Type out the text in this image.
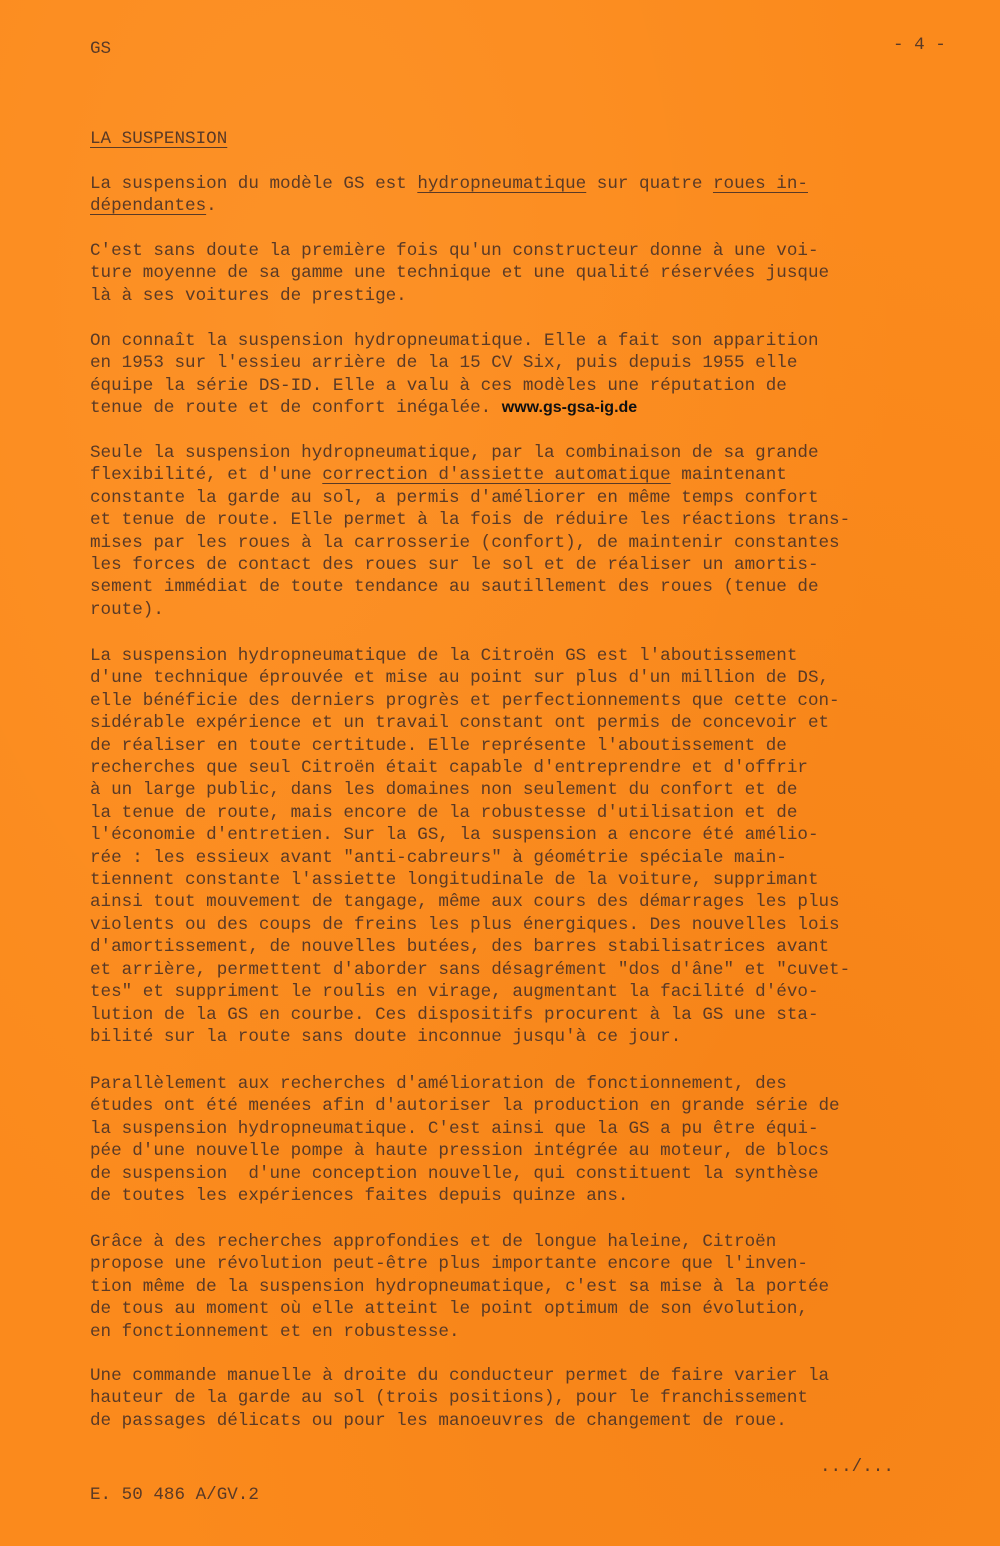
GS	- 4 -
LA SUSPENSION
La suspension du modèle GS est hydropneumatique sur quatre roues in-
dépendantes.
C'est sans doute la première fois qu'un constructeur donne à une voi-
ture moyenne de sa gamme une technique et une qualité réservées jusque
là à ses voitures de prestige.
On connaît la suspension hydropneumatique. Elle a fait son apparition
en 1953 sur l'essieu arrière de la 15 CV Six, puis depuis 1955 elle
équipe la série DS-ID. Elle a valu à ces modèles une réputation de
tenue de route et de confort inégalée. www.gs-gsa-ig.de
Seule la suspension hydropneumatique, par la combinaison de sa grande
flexibilité, et d'une correction d'assiette automatique maintenant
constante la garde au sol, a permis d'améliorer en même temps confort
et tenue de route. Elle permet à la fois de réduire les réactions trans-
mises par les roues à la carrosserie (confort), de maintenir constantes
les forces de contact des roues sur le sol et de réaliser un amortis-
sement immédiat de toute tendance au sautillement des roues (tenue de
route).
La suspension hydropneumatique de la Citroën GS est l'aboutissement
d'une technique éprouvée et mise au point sur plus d'un million de DS,
elle bénéficie des derniers progrès et perfectionnements que cette con-
sidérable expérience et un travail constant ont permis de concevoir et
de réaliser en toute certitude. Elle représente l'aboutissement de
recherches que seul Citroën était capable d'entreprendre et d'offrir
à un large public, dans les domaines non seulement du confort et de
la tenue de route, mais encore de la robustesse d'utilisation et de
l'économie d'entretien. Sur la GS, la suspension a encore été amélio-
rée : les essieux avant "anti-cabreurs" à géométrie spéciale main-
tiennent constante l'assiette longitudinale de la voiture, supprimant
ainsi tout mouvement de tangage, même aux cours des démarrages les plus
violents ou des coups de freins les plus énergiques. Des nouvelles lois
d'amortissement, de nouvelles butées, des barres stabilisatrices avant
et arrière, permettent d'aborder sans désagrément "dos d'âne" et "cuvet-
tes" et suppriment le roulis en virage, augmentant la facilité d'évo-
lution de la GS en courbe. Ces dispositifs procurent à la GS une sta-
bilité sur la route sans doute inconnue jusqu'à ce jour.
Parallèlement aux recherches d'amélioration de fonctionnement, des
études ont été menées afin d'autoriser la production en grande série de
la suspension hydropneumatique. C'est ainsi que la GS a pu être équi-
pée d'une nouvelle pompe à haute pression intégrée au moteur, de blocs
de suspension  d'une conception nouvelle, qui constituent la synthèse
de toutes les expériences faites depuis quinze ans.
Grâce à des recherches approfondies et de longue haleine, Citroën
propose une révolution peut-être plus importante encore que l'inven-
tion même de la suspension hydropneumatique, c'est sa mise à la portée
de tous au moment où elle atteint le point optimum de son évolution,
en fonctionnement et en robustesse.
Une commande manuelle à droite du conducteur permet de faire varier la
hauteur de la garde au sol (trois positions), pour le franchissement
de passages délicats ou pour les manoeuvres de changement de roue.
.../...
E. 50 486 A/GV.2
